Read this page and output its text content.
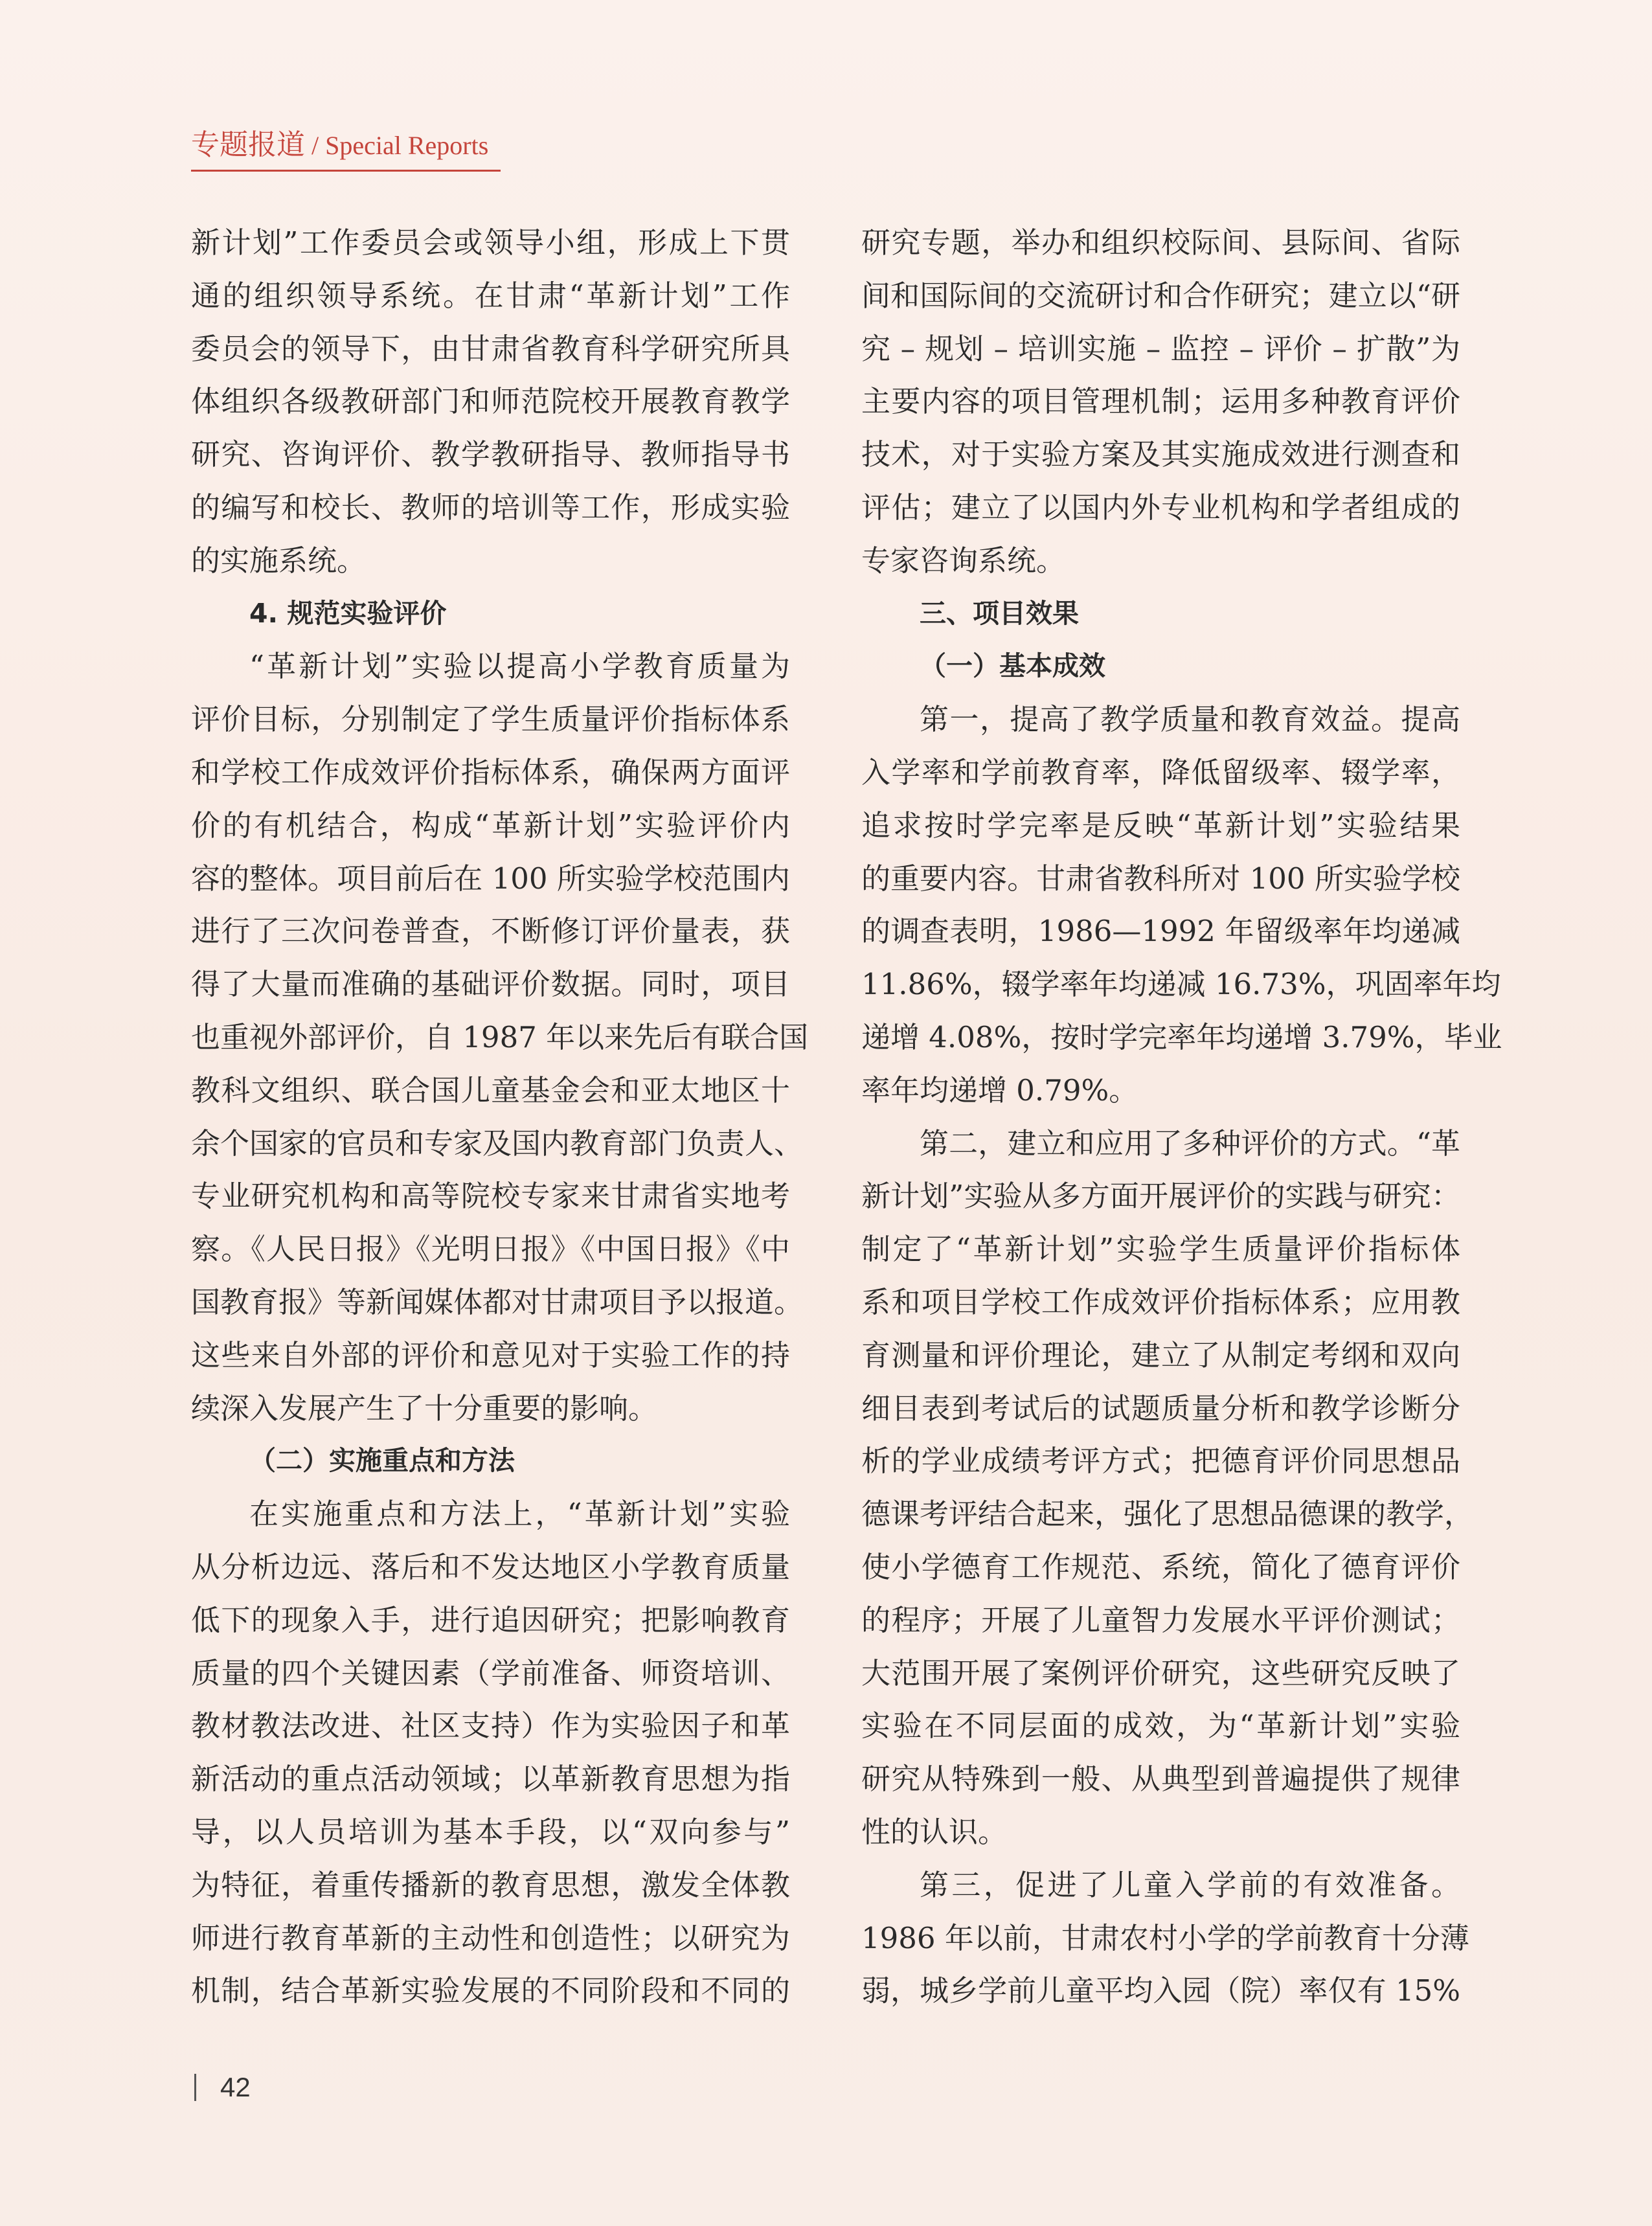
专题报道 / Special Reports
新计划”工作委员会或领导小组，形成上下贯
通的组织领导系统。在甘肃“革新计划”工作
委员会的领导下，由甘肃省教育科学研究所具
体组织各级教研部门和师范院校开展教育教学
研究、咨询评价、教学教研指导、教师指导书
的编写和校长、教师的培训等工作，形成实验
的实施系统。
4. 规范实验评价
“革新计划”实验以提高小学教育质量为
评价目标，分别制定了学生质量评价指标体系
和学校工作成效评价指标体系，确保两方面评
价的有机结合，构成“革新计划”实验评价内
容的整体。项目前后在 100 所实验学校范围内
进行了三次问卷普查，不断修订评价量表，获
得了大量而准确的基础评价数据。同时，项目
也重视外部评价，自 1987 年以来先后有联合国
教科文组织、联合国儿童基金会和亚太地区十
余个国家的官员和专家及国内教育部门负责人、
专业研究机构和高等院校专家来甘肃省实地考
察。《人民日报》《光明日报》《中国日报》《中
国教育报》等新闻媒体都对甘肃项目予以报道。
这些来自外部的评价和意见对于实验工作的持
续深入发展产生了十分重要的影响。
（二）实施重点和方法
在实施重点和方法上，“革新计划”实验
从分析边远、落后和不发达地区小学教育质量
低下的现象入手，进行追因研究；把影响教育
质量的四个关键因素（学前准备、师资培训、
教材教法改进、社区支持）作为实验因子和革
新活动的重点活动领域；以革新教育思想为指
导，以人员培训为基本手段，以“双向参与”
为特征，着重传播新的教育思想，激发全体教
师进行教育革新的主动性和创造性；以研究为
机制，结合革新实验发展的不同阶段和不同的
研究专题，举办和组织校际间、县际间、省际
间和国际间的交流研讨和合作研究；建立以“研
究 – 规划 – 培训实施 – 监控 – 评价 – 扩散”为
主要内容的项目管理机制；运用多种教育评价
技术，对于实验方案及其实施成效进行测查和
评估；建立了以国内外专业机构和学者组成的
专家咨询系统。
三、项目效果
（一）基本成效
第一，提高了教学质量和教育效益。提高
入学率和学前教育率，降低留级率、辍学率，
追求按时学完率是反映“革新计划”实验结果
的重要内容。甘肃省教科所对 100 所实验学校
的调查表明，1986—1992 年留级率年均递减
11.86%，辍学率年均递减 16.73%，巩固率年均
递增 4.08%，按时学完率年均递增 3.79%，毕业
率年均递增 0.79%。
第二，建立和应用了多种评价的方式。“革
新计划”实验从多方面开展评价的实践与研究：
制定了“革新计划”实验学生质量评价指标体
系和项目学校工作成效评价指标体系；应用教
育测量和评价理论，建立了从制定考纲和双向
细目表到考试后的试题质量分析和教学诊断分
析的学业成绩考评方式；把德育评价同思想品
德课考评结合起来，强化了思想品德课的教学，
使小学德育工作规范、系统，简化了德育评价
的程序；开展了儿童智力发展水平评价测试；
大范围开展了案例评价研究，这些研究反映了
实验在不同层面的成效，为“革新计划”实验
研究从特殊到一般、从典型到普遍提供了规律
性的认识。
第三，促进了儿童入学前的有效准备。
1986 年以前，甘肃农村小学的学前教育十分薄
弱，城乡学前儿童平均入园（院）率仅有 15%
42
